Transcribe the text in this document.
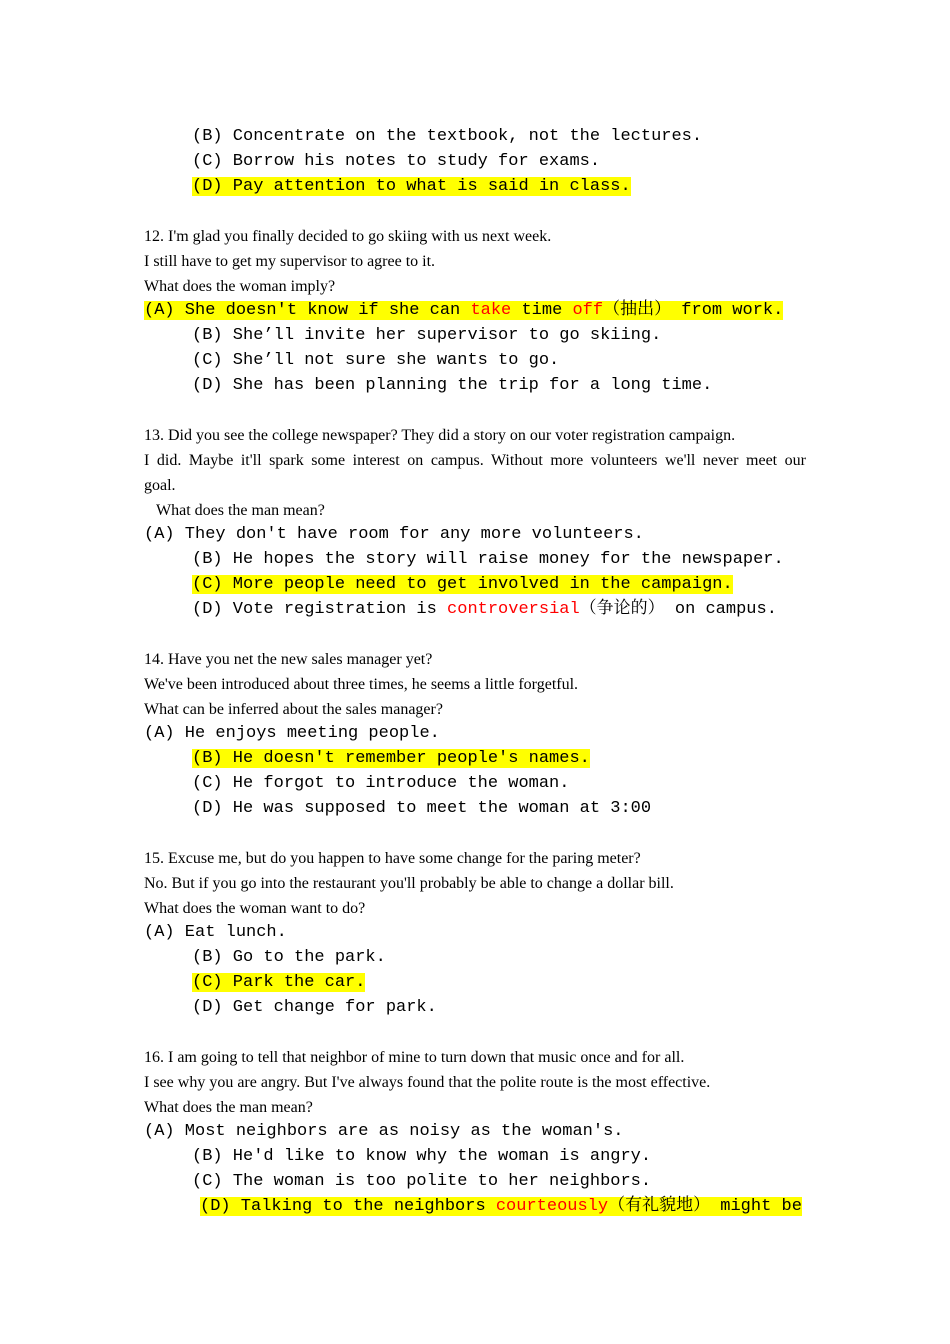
(B) Concentrate on the textbook, not the lectures.
(C) Borrow his notes to study for exams.
(D) Pay attention to what is said in class.
12. I'm glad you finally decided to go skiing with us next week.
I still have to get my supervisor to agree to it.
What does the woman imply?
(A) She doesn't know if she can take time off（抽出） from work.
(B) She’ll invite her supervisor to go skiing.
(C) She’ll not sure she wants to go.
(D) She has been planning the trip for a long time.
13. Did you see the college newspaper? They did a story on our voter registration campaign.
I did. Maybe it'll spark some interest on campus. Without more volunteers we'll never meet our
goal.
What does the man mean?
(A) They don't have room for any more volunteers.
(B) He hopes the story will raise money for the newspaper.
(C) More people need to get involved in the campaign.
(D) Vote registration is controversial（争论的） on campus.
14. Have you net the new sales manager yet?
We've been introduced about three times, he seems a little forgetful.
What can be inferred about the sales manager?
(A) He enjoys meeting people.
(B) He doesn't remember people's names.
(C) He forgot to introduce the woman.
(D) He was supposed to meet the woman at 3:00
15. Excuse me, but do you happen to have some change for the paring meter?
No. But if you go into the restaurant you'll probably be able to change a dollar bill.
What does the woman want to do?
(A) Eat lunch.
(B) Go to the park.
(C) Park the car.
(D) Get change for park.
16. I am going to tell that neighbor of mine to turn down that music once and for all.
I see why you are angry. But I've always found that the polite route is the most effective.
What does the man mean?
(A) Most neighbors are as noisy as the woman's.
(B) He'd like to know why the woman is angry.
(C) The woman is too polite to her neighbors.
(D) Talking to the neighbors courteously（有礼貌地） might be
